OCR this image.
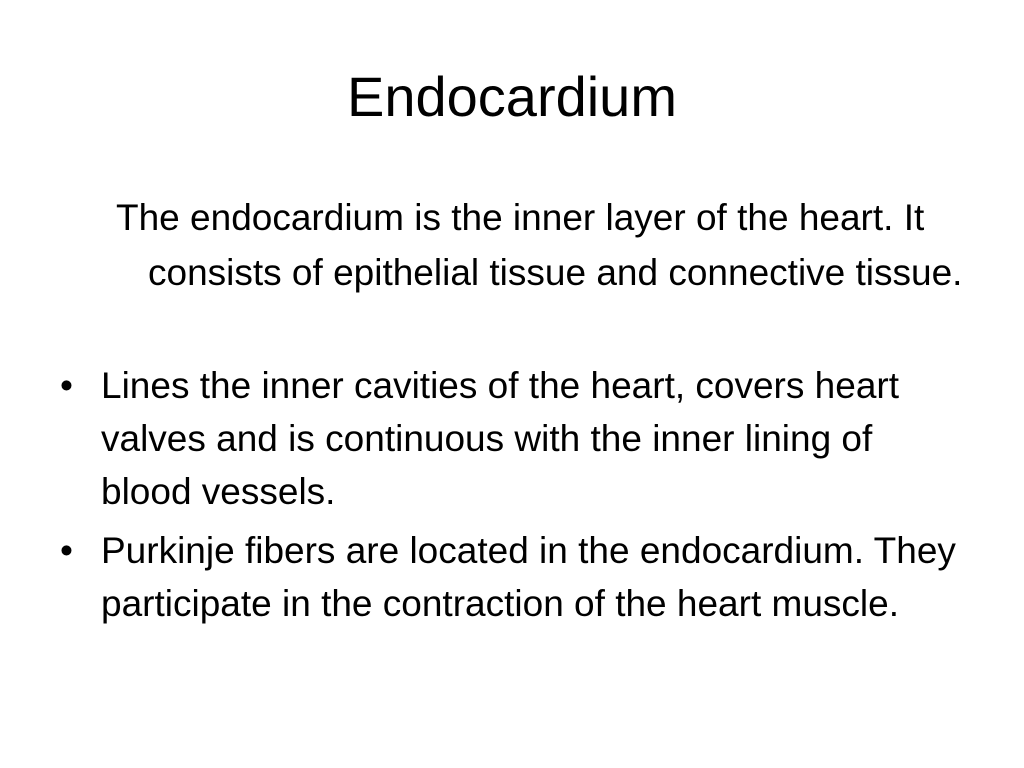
Endocardium

The endocardium is the inner layer of the heart. It consists of epithelial tissue and connective tissue.

• Lines the inner cavities of the heart, covers heart valves and is continuous with the inner lining of blood vessels.
• Purkinje fibers are located in the endocardium. They participate in the contraction of the heart muscle.
